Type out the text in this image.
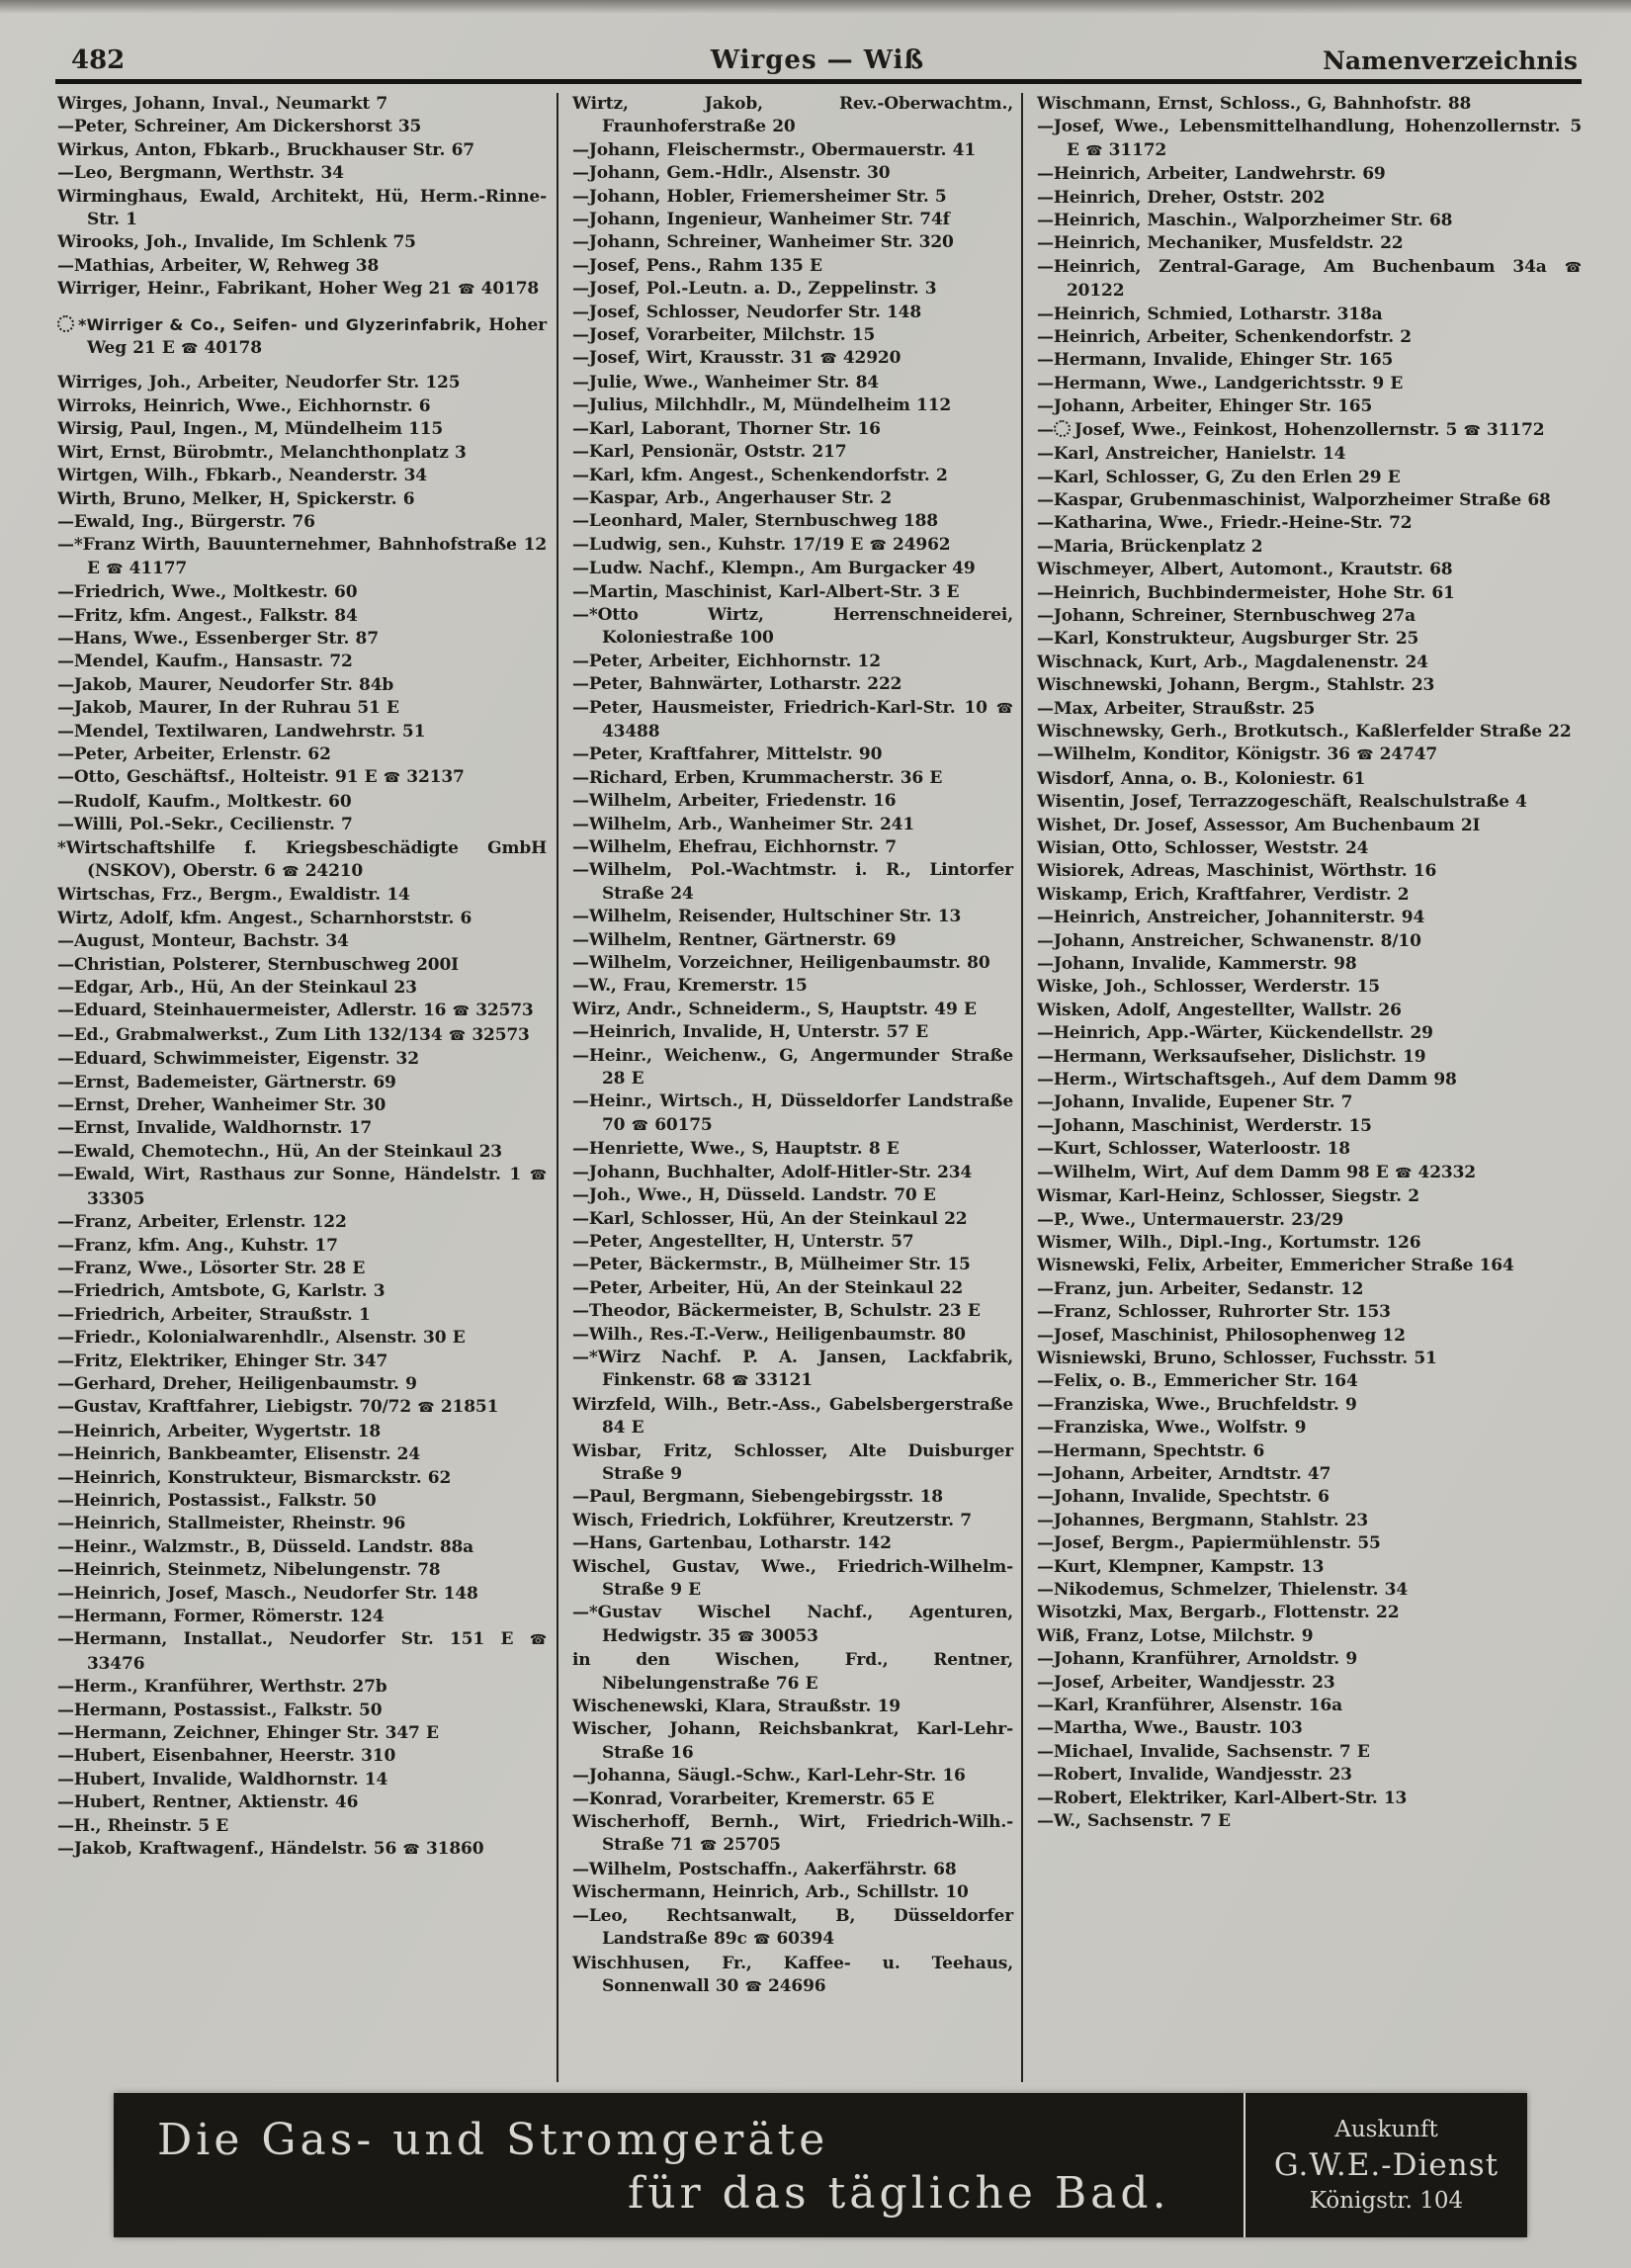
482	Wirges — Wiß	Namenverzeichnis

Wirges, Johann, Inval., Neumarkt 7

—Peter, Schreiner, Am Dickershorst 35

Wirkus, Anton, Fbkarb., Bruckhauser Str. 67

—Leo, Bergmann, Werthstr. 34

Wirminghaus, Ewald, Architekt, Hü, Herm.-Rinne-Str. 1

Wirooks, Joh., Invalide, Im Schlenk 75

—Mathias, Arbeiter, W, Rehweg 38

Wirriger, Heinr., Fabrikant, Hoher Weg 21 ☎ 40178

*Wirriger & Co., Seifen- und Glyzerinfabrik, Hoher Weg 21 E ☎ 40178

Wirriges, Joh., Arbeiter, Neudorfer Str. 125

Wirroks, Heinrich, Wwe., Eichhornstr. 6

Wirsig, Paul, Ingen., M, Mündelheim 115

Wirt, Ernst, Bürobmtr., Melanchthonplatz 3

Wirtgen, Wilh., Fbkarb., Neanderstr. 34

Wirth, Bruno, Melker, H, Spickerstr. 6

—Ewald, Ing., Bürgerstr. 76

—*Franz Wirth, Bauunternehmer, Bahnhofstraße 12 E ☎ 41177

—Friedrich, Wwe., Moltkestr. 60

—Fritz, kfm. Angest., Falkstr. 84

—Hans, Wwe., Essenberger Str. 87

—Mendel, Kaufm., Hansastr. 72

—Jakob, Maurer, Neudorfer Str. 84b

—Jakob, Maurer, In der Ruhrau 51 E

—Mendel, Textilwaren, Landwehrstr. 51

—Peter, Arbeiter, Erlenstr. 62

—Otto, Geschäftsf., Holteistr. 91 E ☎ 32137

—Rudolf, Kaufm., Moltkestr. 60

—Willi, Pol.-Sekr., Cecilienstr. 7

*Wirtschaftshilfe f. Kriegsbeschädigte GmbH (NSKOV), Oberstr. 6 ☎ 24210

Wirtschas, Frz., Bergm., Ewaldistr. 14

Wirtz, Adolf, kfm. Angest., Scharnhorststr. 6

—August, Monteur, Bachstr. 34

—Christian, Polsterer, Sternbuschweg 200I

—Edgar, Arb., Hü, An der Steinkaul 23

—Eduard, Steinhauermeister, Adlerstr. 16 ☎ 32573

—Ed., Grabmalwerkst., Zum Lith 132/134 ☎ 32573

—Eduard, Schwimmeister, Eigenstr. 32

—Ernst, Bademeister, Gärtnerstr. 69

—Ernst, Dreher, Wanheimer Str. 30

—Ernst, Invalide, Waldhornstr. 17

—Ewald, Chemotechn., Hü, An der Steinkaul 23

—Ewald, Wirt, Rasthaus zur Sonne, Händelstr. 1 ☎ 33305

—Franz, Arbeiter, Erlenstr. 122

—Franz, kfm. Ang., Kuhstr. 17

—Franz, Wwe., Lösorter Str. 28 E

—Friedrich, Amtsbote, G, Karlstr. 3

—Friedrich, Arbeiter, Straußstr. 1

—Friedr., Kolonialwarenhdlr., Alsenstr. 30 E

—Fritz, Elektriker, Ehinger Str. 347

—Gerhard, Dreher, Heiligenbaumstr. 9

—Gustav, Kraftfahrer, Liebigstr. 70/72 ☎ 21851

—Heinrich, Arbeiter, Wygertstr. 18

—Heinrich, Bankbeamter, Elisenstr. 24

—Heinrich, Konstrukteur, Bismarckstr. 62

—Heinrich, Postassist., Falkstr. 50

—Heinrich, Stallmeister, Rheinstr. 96

—Heinr., Walzmstr., B, Düsseld. Landstr. 88a

—Heinrich, Steinmetz, Nibelungenstr. 78

—Heinrich, Josef, Masch., Neudorfer Str. 148

—Hermann, Former, Römerstr. 124

—Hermann, Installat., Neudorfer Str. 151 E ☎ 33476

—Herm., Kranführer, Werthstr. 27b

—Hermann, Postassist., Falkstr. 50

—Hermann, Zeichner, Ehinger Str. 347 E

—Hubert, Eisenbahner, Heerstr. 310

—Hubert, Invalide, Waldhornstr. 14

—Hubert, Rentner, Aktienstr. 46

—H., Rheinstr. 5 E

—Jakob, Kraftwagenf., Händelstr. 56 ☎ 31860

Wirtz, Jakob, Rev.-Oberwachtm., Fraunhoferstraße 20

—Johann, Fleischermstr., Obermauerstr. 41

—Johann, Gem.-Hdlr., Alsenstr. 30

—Johann, Hobler, Friemersheimer Str. 5

—Johann, Ingenieur, Wanheimer Str. 74f

—Johann, Schreiner, Wanheimer Str. 320

—Josef, Pens., Rahm 135 E

—Josef, Pol.-Leutn. a. D., Zeppelinstr. 3

—Josef, Schlosser, Neudorfer Str. 148

—Josef, Vorarbeiter, Milchstr. 15

—Josef, Wirt, Krausstr. 31 ☎ 42920

—Julie, Wwe., Wanheimer Str. 84

—Julius, Milchhdlr., M, Mündelheim 112

—Karl, Laborant, Thorner Str. 16

—Karl, Pensionär, Oststr. 217

—Karl, kfm. Angest., Schenkendorfstr. 2

—Kaspar, Arb., Angerhauser Str. 2

—Leonhard, Maler, Sternbuschweg 188

—Ludwig, sen., Kuhstr. 17/19 E ☎ 24962

—Ludw. Nachf., Klempn., Am Burgacker 49

—Martin, Maschinist, Karl-Albert-Str. 3 E

—*Otto Wirtz, Herrenschneiderei, Koloniestraße 100

—Peter, Arbeiter, Eichhornstr. 12

—Peter, Bahnwärter, Lotharstr. 222

—Peter, Hausmeister, Friedrich-Karl-Str. 10 ☎ 43488

—Peter, Kraftfahrer, Mittelstr. 90

—Richard, Erben, Krummacherstr. 36 E

—Wilhelm, Arbeiter, Friedenstr. 16

—Wilhelm, Arb., Wanheimer Str. 241

—Wilhelm, Ehefrau, Eichhornstr. 7

—Wilhelm, Pol.-Wachtmstr. i. R., Lintorfer Straße 24

—Wilhelm, Reisender, Hultschiner Str. 13

—Wilhelm, Rentner, Gärtnerstr. 69

—Wilhelm, Vorzeichner, Heiligenbaumstr. 80

—W., Frau, Kremerstr. 15

Wirz, Andr., Schneiderm., S, Hauptstr. 49 E

—Heinrich, Invalide, H, Unterstr. 57 E

—Heinr., Weichenw., G, Angermunder Straße 28 E

—Heinr., Wirtsch., H, Düsseldorfer Landstraße 70 ☎ 60175

—Henriette, Wwe., S, Hauptstr. 8 E

—Johann, Buchhalter, Adolf-Hitler-Str. 234

—Joh., Wwe., H, Düsseld. Landstr. 70 E

—Karl, Schlosser, Hü, An der Steinkaul 22

—Peter, Angestellter, H, Unterstr. 57

—Peter, Bäckermstr., B, Mülheimer Str. 15

—Peter, Arbeiter, Hü, An der Steinkaul 22

—Theodor, Bäckermeister, B, Schulstr. 23 E

—Wilh., Res.-T.-Verw., Heiligenbaumstr. 80

—*Wirz Nachf. P. A. Jansen, Lackfabrik, Finkenstr. 68 ☎ 33121

Wirzfeld, Wilh., Betr.-Ass., Gabelsbergerstraße 84 E

Wisbar, Fritz, Schlosser, Alte Duisburger Straße 9

—Paul, Bergmann, Siebengebirgsstr. 18

Wisch, Friedrich, Lokführer, Kreutzerstr. 7

—Hans, Gartenbau, Lotharstr. 142

Wischel, Gustav, Wwe., Friedrich-Wilhelm-Straße 9 E

—*Gustav Wischel Nachf., Agenturen, Hedwigstr. 35 ☎ 30053

in den Wischen, Frd., Rentner, Nibelungenstraße 76 E

Wischenewski, Klara, Straußstr. 19

Wischer, Johann, Reichsbankrat, Karl-Lehr-Straße 16

—Johanna, Säugl.-Schw., Karl-Lehr-Str. 16

—Konrad, Vorarbeiter, Kremerstr. 65 E

Wischerhoff, Bernh., Wirt, Friedrich-Wilh.-Straße 71 ☎ 25705

—Wilhelm, Postschaffn., Aakerfährstr. 68

Wischermann, Heinrich, Arb., Schillstr. 10

—Leo, Rechtsanwalt, B, Düsseldorfer Landstraße 89c ☎ 60394

Wischhusen, Fr., Kaffee- u. Teehaus, Sonnenwall 30 ☎ 24696

Wischmann, Ernst, Schloss., G, Bahnhofstr. 88

—Josef, Wwe., Lebensmittelhandlung, Hohenzollernstr. 5 E ☎ 31172

—Heinrich, Arbeiter, Landwehrstr. 69

—Heinrich, Dreher, Oststr. 202

—Heinrich, Maschin., Walporzheimer Str. 68

—Heinrich, Mechaniker, Musfeldstr. 22

—Heinrich, Zentral-Garage, Am Buchenbaum 34a ☎ 20122

—Heinrich, Schmied, Lotharstr. 318a

—Heinrich, Arbeiter, Schenkendorfstr. 2

—Hermann, Invalide, Ehinger Str. 165

—Hermann, Wwe., Landgerichtsstr. 9 E

—Johann, Arbeiter, Ehinger Str. 165

— Josef, Wwe., Feinkost, Hohenzollernstr. 5 ☎ 31172

—Karl, Anstreicher, Hanielstr. 14

—Karl, Schlosser, G, Zu den Erlen 29 E

—Kaspar, Grubenmaschinist, Walporzheimer Straße 68

—Katharina, Wwe., Friedr.-Heine-Str. 72

—Maria, Brückenplatz 2

Wischmeyer, Albert, Automont., Krautstr. 68

—Heinrich, Buchbindermeister, Hohe Str. 61

—Johann, Schreiner, Sternbuschweg 27a

—Karl, Konstrukteur, Augsburger Str. 25

Wischnack, Kurt, Arb., Magdalenenstr. 24

Wischnewski, Johann, Bergm., Stahlstr. 23

—Max, Arbeiter, Straußstr. 25

Wischnewsky, Gerh., Brotkutsch., Kaßlerfelder Straße 22

—Wilhelm, Konditor, Königstr. 36 ☎ 24747

Wisdorf, Anna, o. B., Koloniestr. 61

Wisentin, Josef, Terrazzogeschäft, Realschulstraße 4

Wishet, Dr. Josef, Assessor, Am Buchenbaum 2I

Wisian, Otto, Schlosser, Weststr. 24

Wisiorek, Adreas, Maschinist, Wörthstr. 16

Wiskamp, Erich, Kraftfahrer, Verdistr. 2

—Heinrich, Anstreicher, Johanniterstr. 94

—Johann, Anstreicher, Schwanenstr. 8/10

—Johann, Invalide, Kammerstr. 98

Wiske, Joh., Schlosser, Werderstr. 15

Wisken, Adolf, Angestellter, Wallstr. 26

—Heinrich, App.-Wärter, Kückendellstr. 29

—Hermann, Werksaufseher, Dislichstr. 19

—Herm., Wirtschaftsgeh., Auf dem Damm 98

—Johann, Invalide, Eupener Str. 7

—Johann, Maschinist, Werderstr. 15

—Kurt, Schlosser, Waterloostr. 18

—Wilhelm, Wirt, Auf dem Damm 98 E ☎ 42332

Wismar, Karl-Heinz, Schlosser, Siegstr. 2

—P., Wwe., Untermauerstr. 23/29

Wismer, Wilh., Dipl.-Ing., Kortumstr. 126

Wisnewski, Felix, Arbeiter, Emmericher Straße 164

—Franz, jun. Arbeiter, Sedanstr. 12

—Franz, Schlosser, Ruhrorter Str. 153

—Josef, Maschinist, Philosophenweg 12

Wisniewski, Bruno, Schlosser, Fuchsstr. 51

—Felix, o. B., Emmericher Str. 164

—Franziska, Wwe., Bruchfeldstr. 9

—Franziska, Wwe., Wolfstr. 9

—Hermann, Spechtstr. 6

—Johann, Arbeiter, Arndtstr. 47

—Johann, Invalide, Spechtstr. 6

—Johannes, Bergmann, Stahlstr. 23

—Josef, Bergm., Papiermühlenstr. 55

—Kurt, Klempner, Kampstr. 13

—Nikodemus, Schmelzer, Thielenstr. 34

Wisotzki, Max, Bergarb., Flottenstr. 22

Wiß, Franz, Lotse, Milchstr. 9

—Johann, Kranführer, Arnoldstr. 9

—Josef, Arbeiter, Wandjesstr. 23

—Karl, Kranführer, Alsenstr. 16a

—Martha, Wwe., Baustr. 103

—Michael, Invalide, Sachsenstr. 7 E

—Robert, Invalide, Wandjesstr. 23

—Robert, Elektriker, Karl-Albert-Str. 13

—W., Sachsenstr. 7 E

Die Gas- und Stromgeräte
für das tägliche Bad.
Auskunft
G.W.E.-Dienst
Königstr. 104
